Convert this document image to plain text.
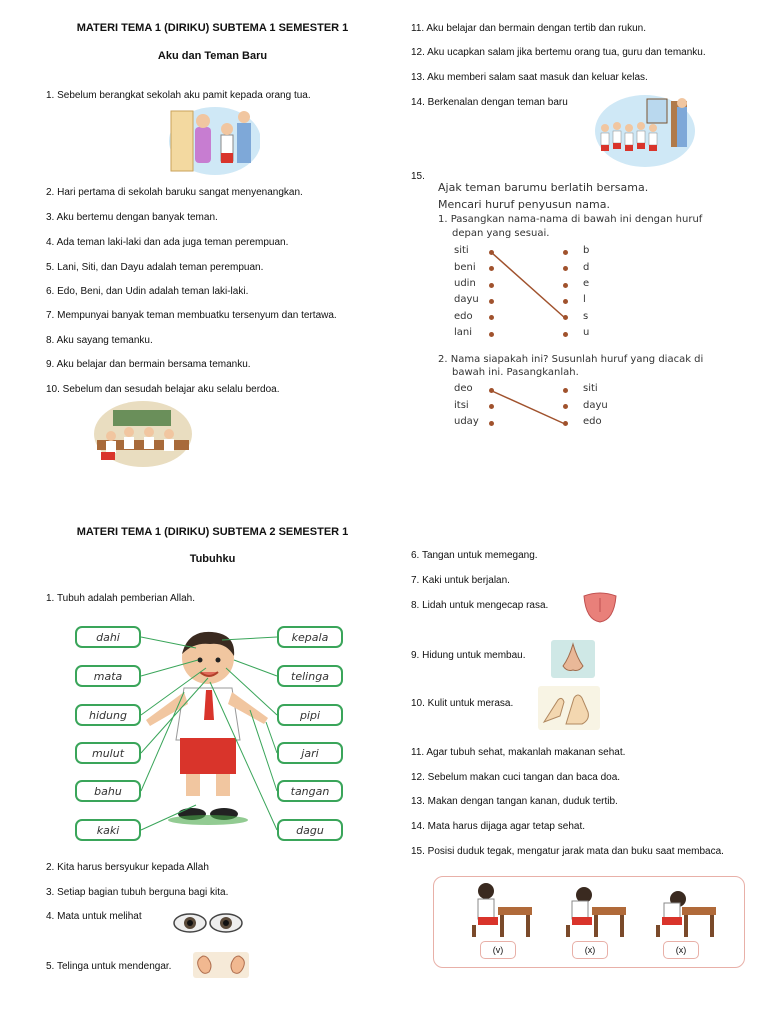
MATERI TEMA 1 (DIRIKU) SUBTEMA 1 SEMESTER 1
Aku dan Teman Baru
1. Sebelum berangkat sekolah aku pamit kepada orang tua.
2. Hari pertama di sekolah baruku sangat menyenangkan.
3. Aku bertemu dengan banyak teman.
4. Ada teman laki-laki dan ada juga teman perempuan.
5. Lani, Siti, dan Dayu adalah teman perempuan.
6. Edo, Beni, dan Udin adalah teman laki-laki.
7. Mempunyai banyak teman membuatku tersenyum dan tertawa.
8. Aku sayang temanku.
9. Aku belajar dan bermain bersama temanku.
10. Sebelum dan sesudah belajar aku selalu berdoa.
11. Aku belajar dan bermain dengan tertib dan rukun.
12. Aku ucapkan salam jika bertemu orang tua, guru dan temanku.
13. Aku memberi salam saat masuk dan keluar kelas.
14. Berkenalan dengan teman baru
15.
Ajak teman barumu berlatih bersama.
Mencari huruf penyusun nama.
1. Pasangkan nama-nama di bawah ini dengan huruf
depan yang sesuai.
siti
beni
udin
dayu
edo
lani
b
d
e
l
s
u
2. Nama siapakah ini? Susunlah huruf yang diacak di
bawah ini. Pasangkanlah.
deo
itsi
uday
siti
dayu
edo
MATERI TEMA 1 (DIRIKU) SUBTEMA 2 SEMESTER 1
Tubuhku
1. Tubuh adalah pemberian Allah.
dahi
mata
hidung
mulut
bahu
kaki
kepala
telinga
pipi
jari
tangan
dagu
2. Kita harus bersyukur kepada Allah
3. Setiap bagian tubuh berguna bagi kita.
4. Mata untuk melihat
5. Telinga untuk mendengar.
6. Tangan untuk memegang.
7. Kaki untuk berjalan.
8. Lidah untuk mengecap rasa.
9. Hidung untuk membau.
10. Kulit untuk merasa.
11. Agar tubuh sehat, makanlah makanan sehat.
12. Sebelum makan cuci tangan dan baca doa.
13. Makan dengan tangan kanan, duduk tertib.
14. Mata harus dijaga agar tetap sehat.
15. Posisi duduk tegak, mengatur jarak mata dan buku saat membaca.
(v)	(x)	(x)
